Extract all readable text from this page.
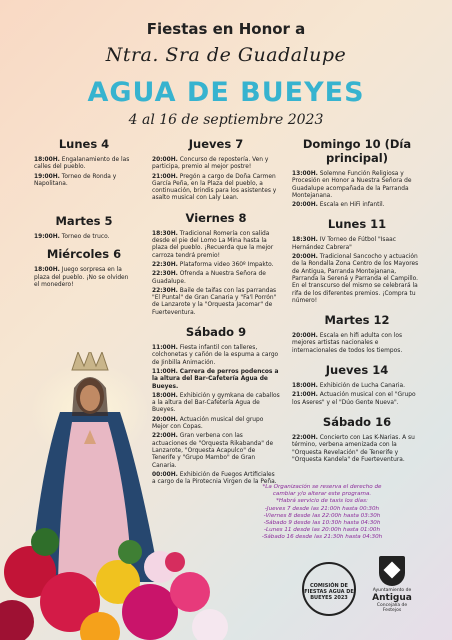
Fiestas en Honor a
Ntra. Sra de Guadalupe
AGUA DE BUEYES
4 al 16 de septiembre 2023
Lunes 4
18:00H. Engalanamiento de las calles del pueblo.
19:00H. Torneo de Ronda y Napolitana.
Martes 5
19:00H. Torneo de truco.
Miércoles 6
18:00H. Juego sorpresa en la plaza del pueblo. ¡No se olviden el monedero!
Jueves 7
20:00H. Concurso de repostería. Ven y participa, premio al mejor postre!
21:00H. Pregón a cargo de Doña Carmen García Peña, en la Plaza del pueblo, a continuación, brindis para los asistentes y asalto musical con Laly Lean.
Viernes 8
18:30H. Tradicional Romería con salida desde el pie del Lomo La Mina hasta la plaza del pueblo. ¡Recuerda que la mejor carroza tendrá premio!
22:30H. Plataforma video 360º Impakto.
22:30H. Ofrenda a Nuestra Señora de Guadalupe.
22:30H. Baile de taifas con las parrandas "El Puntal" de Gran Canaria y "Fa'l Porrón" de Lanzarote y la "Orquesta Jacomar" de Fuerteventura.
Sábado 9
11:00H. Fiesta infantil con talleres, colchonetas y cañón de la espuma a cargo de Jinbilla Animación.
11:00H. Carrera de perros podencos a la altura del Bar-Cafetería Agua de Bueyes.
18:00H. Exhibición y gymkana de caballos a la altura del Bar-Cafetería Agua de Bueyes.
20:00H. Actuación musical del grupo Mejor con Copas.
22:00H. Gran verbena con las actuaciones de "Orquesta Rikabanda" de Lanzarote, "Orquesta Acapulco" de Tenerife y "Grupo Mambo" de Gran Canaria.
00:00H. Exhibición de Fuegos Artificiales a cargo de la Pirotecnia Virgen de la Peña.
Domingo 10 (Día principal)
13:00H. Solemne Función Religiosa y Procesión en Honor a Nuestra Señora de Guadalupe acompañada de la Parranda Montejanana.
20:00H. Escala en HiFi infantil.
Lunes 11
18:30H. IV Torneo de Fútbol "Isaac Hernández Cabrera"
20:00H. Tradicional Sancocho y actuación de la Rondalla Zona Centro de los Mayores de Antigua, Parranda Montejanana, Parranda la Serená y Parranda el Campillo. En el transcurso del mismo se celebrará la rifa de los diferentes premios. ¡Compra tu número!
Martes 12
20:00H. Escala en hifi adulta con los mejores artistas nacionales e internacionales de todos los tiempos.
Jueves 14
18:00H. Exhibición de Lucha Canaria.
21:00H. Actuación musical con el "Grupo los Aseres" y el "Dúo Gente Nueva".
Sábado 16
22:00H. Concierto con Las K-Narias. A su término, verbena amenizada con la "Orquesta Revelación" de Tenerife y "Orquesta Kandela" de Fuerteventura.
*La Organización se reserva el derecho de
cambiar y/o alterar este programa.
*Habrá servicio de taxis los días:
-Jueves 7 desde las 21:00h hasta 00:30h
-Viernes 8 desde las 22:00h hasta 03:30h
-Sábado 9 desde las 10:30h hasta 04:30h
-Lunes 11 desde las 20:00h hasta 01:00h
-Sábado 16 desde las 21:30h hasta 04:30h
COMISIÓN DE FIESTAS AGUA DE BUEYES 2023
Ayuntamiento de
Antigua
Concejalía de Festejos
